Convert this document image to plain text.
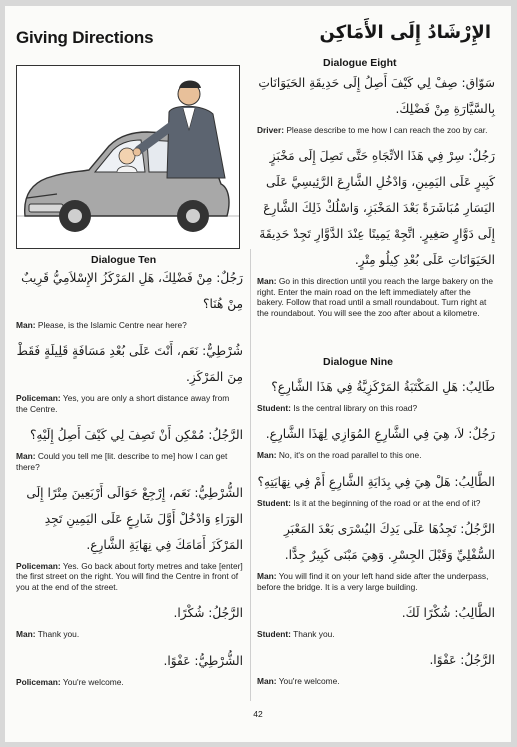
Giving Directions	الإِرْشَادُ إِلَى الأَمَاكِن
Dialogue Eight
سَوّاق: صِفْ لِي كَيْفَ أَصِلُ إِلَى حَدِيقَةِ الحَيَوَانَاتِ بِالسَّيَّارَةِ مِنْ فَضْلِكَ.
Driver: Please describe to me how I can reach the zoo by car.
رَجُلٌ: سِرْ فِي هَذَا الاتِّجَاهِ حَتَّى تَصِلَ إِلَى مَخْبَزٍ كَبِيرٍ عَلَى اليَمِينِ، وَادْخُلِ الشَّارِعَ الرَّئِيسِيَّ عَلَى اليَسَارِ مُبَاشَرَةً بَعْدَ المَخْبَزِ، وَاسْلُكْ ذَلِكَ الشَّارِعَ إِلَى دَوَّارٍ صَغِيرٍ. اتَّجِهْ يَمِينًا عِنْدَ الدَّوَّارِ تَجِدْ حَدِيقَةَ الحَيَوَانَاتِ عَلَى بُعْدِ كِيلُو مِتْرٍ.
Man: Go in this direction until you reach the large bakery on the right. Enter the main road on the left immediately after the bakery. Follow that road until a small roundabout. Turn right at the roundabout. You will see the zoo after about a kilometre.
Dialogue Nine
طَالِبٌ: هَلِ المَكْتَبَةُ المَرْكَزِيَّةُ فِي هَذَا الشَّارِعِ؟
Student: Is the central library on this road?
رَجُلٌ: لاَ، هِيَ فِي الشَّارِعِ المُوَازِي لِهَذَا الشَّارِعِ.
Man: No, it's on the road parallel to this one.
الطَّالِبُ: هَلْ هِيَ فِي بِدَايَةِ الشَّارِعِ أَمْ فِي نِهَايَتِهِ؟
Student: Is it at the beginning of the road or at the end of it?
الرَّجُلُ: تَجِدُهَا عَلَى يَدِكَ اليُسْرَى بَعْدَ المَعْبَرِ السُّفْلِيِّ وَقَبْلَ الجِسْرِ. وَهِيَ مَبْنَى كَبِيرٌ جِدًّا.
Man: You will find it on your left hand side after the underpass, before the bridge. It is a very large building.
الطَّالِبُ: شُكْرًا لَكَ.
Student: Thank you.
الرَّجُلُ: عَفْوًا.
Man: You're welcome.
Dialogue Ten
رَجُلٌ: مِنْ فَضْلِكَ، هَلِ المَرْكَزُ الإِسْلاَمِيُّ قَرِيبٌ مِنْ هُنَا؟
Man: Please, is the Islamic Centre near here?
شُرْطِيٌّ: نَعَم، أَنْتَ عَلَى بُعْدِ مَسَافَةٍ قَلِيلَةٍ فَقَطْ مِنَ المَرْكَزِ.
Policeman: Yes, you are only a short distance away from the Centre.
الرَّجُلُ: مُمْكِن أَنْ تَصِفَ لِي كَيْفَ أَصِلُ إِلَيْهِ؟
Man: Could you tell me [lit. describe to me] how I can get there?
الشُّرْطِيُّ: نَعَم، إِرْجِعْ حَوَالَى أَرْبَعِينَ مِتْرًا إِلَى الوَرَاءِ وَادْخُلْ أَوَّلَ شَارِعٍ عَلَى اليَمِينِ تَجِدِ المَرْكَزَ أَمَامَكَ فِي نِهَايَةِ الشَّارِعِ.
Policeman: Yes. Go back about forty metres and take [enter] the first street on the right. You will find the Centre in front of you at the end of the street.
الرَّجُلُ: شُكْرًا.
Man: Thank you.
الشُّرْطِيُّ: عَفْوًا.
Policeman: You're welcome.
42
